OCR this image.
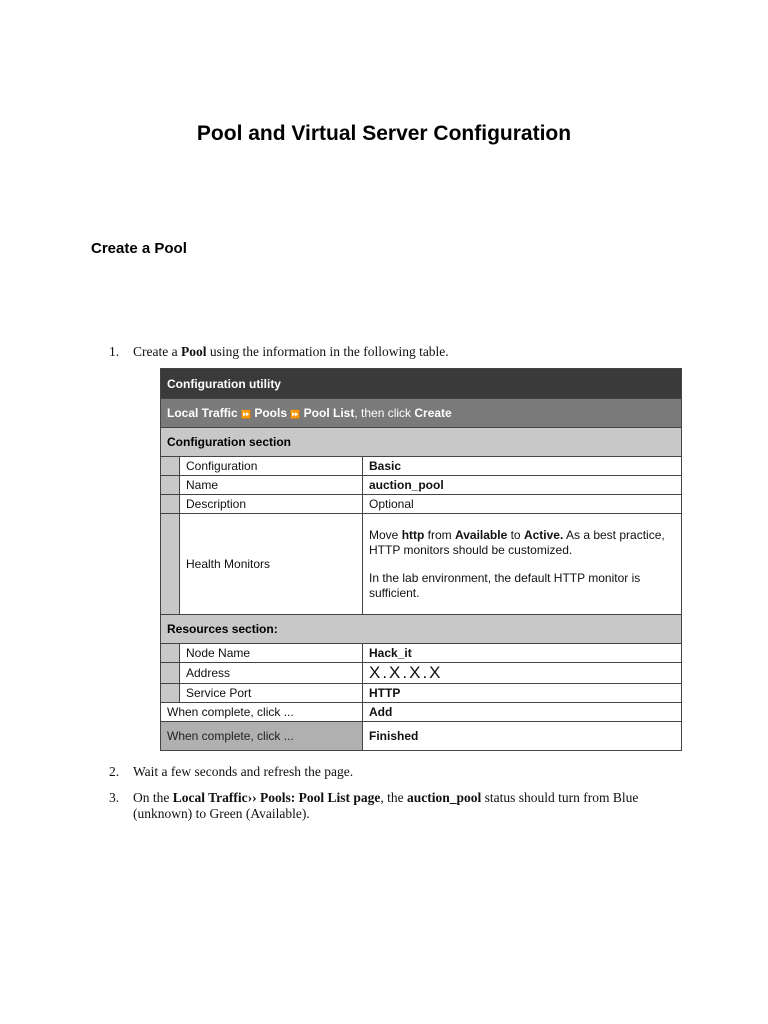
Pool and Virtual Server Configuration
Create a Pool
1. Create a Pool using the information in the following table.
Configuration utility		
Local Traffic ⏩ Pools ⏩ Pool List, then click Create		
Configuration section		
	Configuration	Basic
	Name	auction_pool
	Description	Optional
	Health Monitors	Move http from Available to Active. As a best practice, HTTP monitors should be customized.
In the lab environment, the default HTTP monitor is sufficient.

Resources section:		
	Node Name	Hack_it
	Address	X.X.X.X
	Service Port	HTTP
When complete, click ...		Add
When complete, click ...		Finished
2. Wait a few seconds and refresh the page.
3. On the Local Traffic›› Pools: Pool List page, the auction_pool status should turn from Blue (unknown) to Green (Available).
